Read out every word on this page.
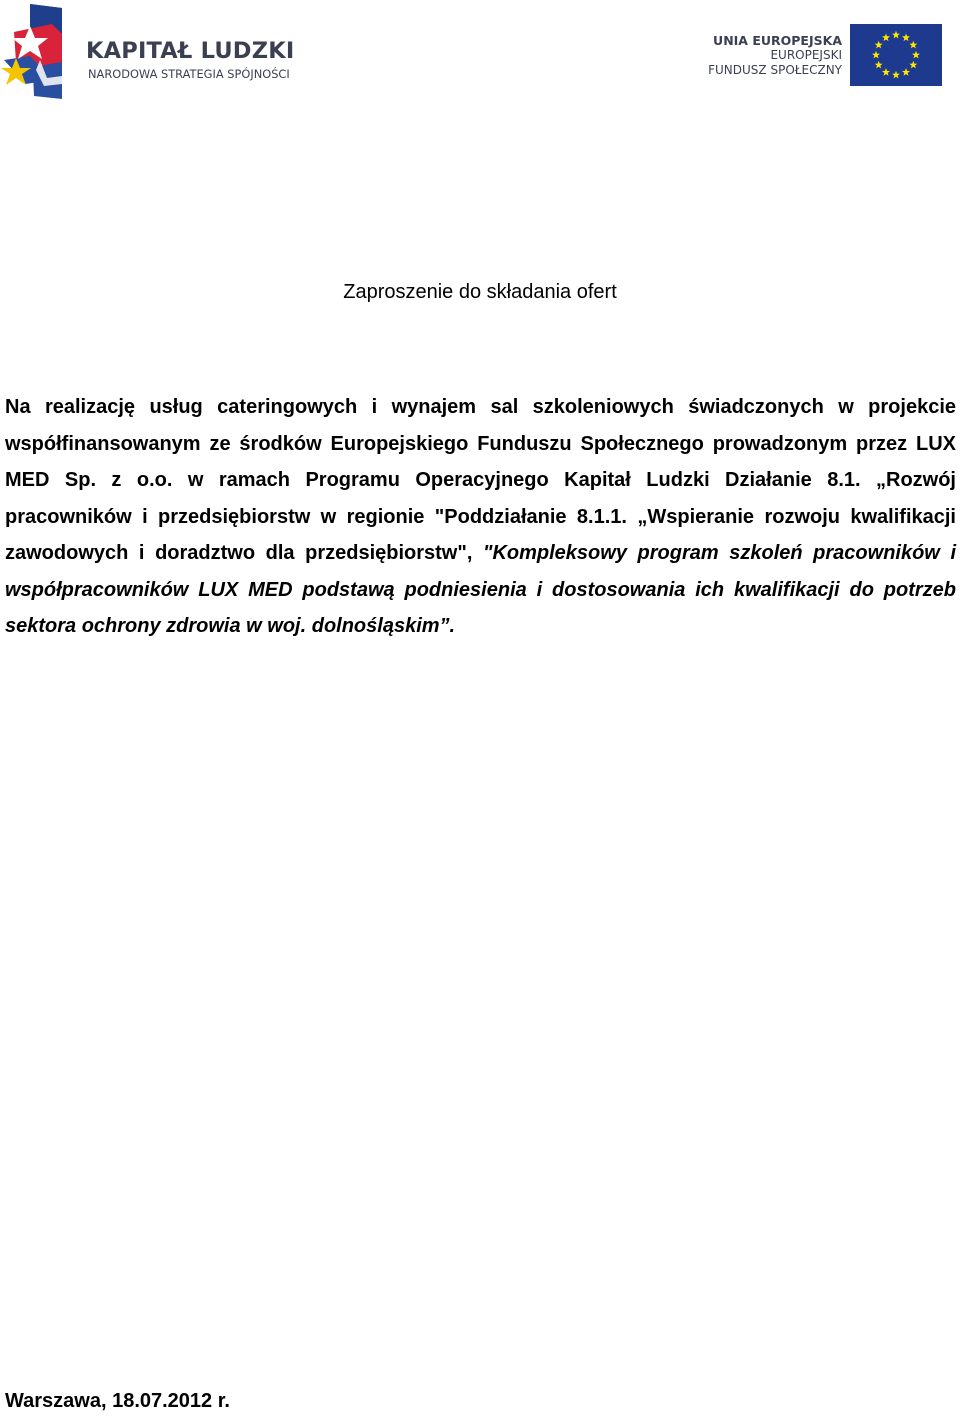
KAPITAŁ LUDZKI
NARODOWA STRATEGIA SPÓJNOŚCI
UNIA EUROPEJSKA
EUROPEJSKI
FUNDUSZ SPOŁECZNY
Zaproszenie do składania ofert

Na realizację usług cateringowych i wynajem sal szkoleniowych świadczonych w projekcie współfinansowanym ze środków Europejskiego Funduszu Społecznego prowadzonym przez LUX MED Sp. z o.o. w ramach Programu Operacyjnego Kapitał Ludzki Działanie 8.1. „Rozwój pracowników i przedsiębiorstw w regionie "Poddziałanie 8.1.1. „Wspieranie rozwoju kwalifikacji zawodowych i doradztwo dla przedsiębiorstw", "Kompleksowy program szkoleń pracowników i współpracowników LUX MED podstawą podniesienia i dostosowania ich kwalifikacji do potrzeb sektora ochrony zdrowia w woj. dolnośląskim”.

Warszawa, 18.07.2012 r.
